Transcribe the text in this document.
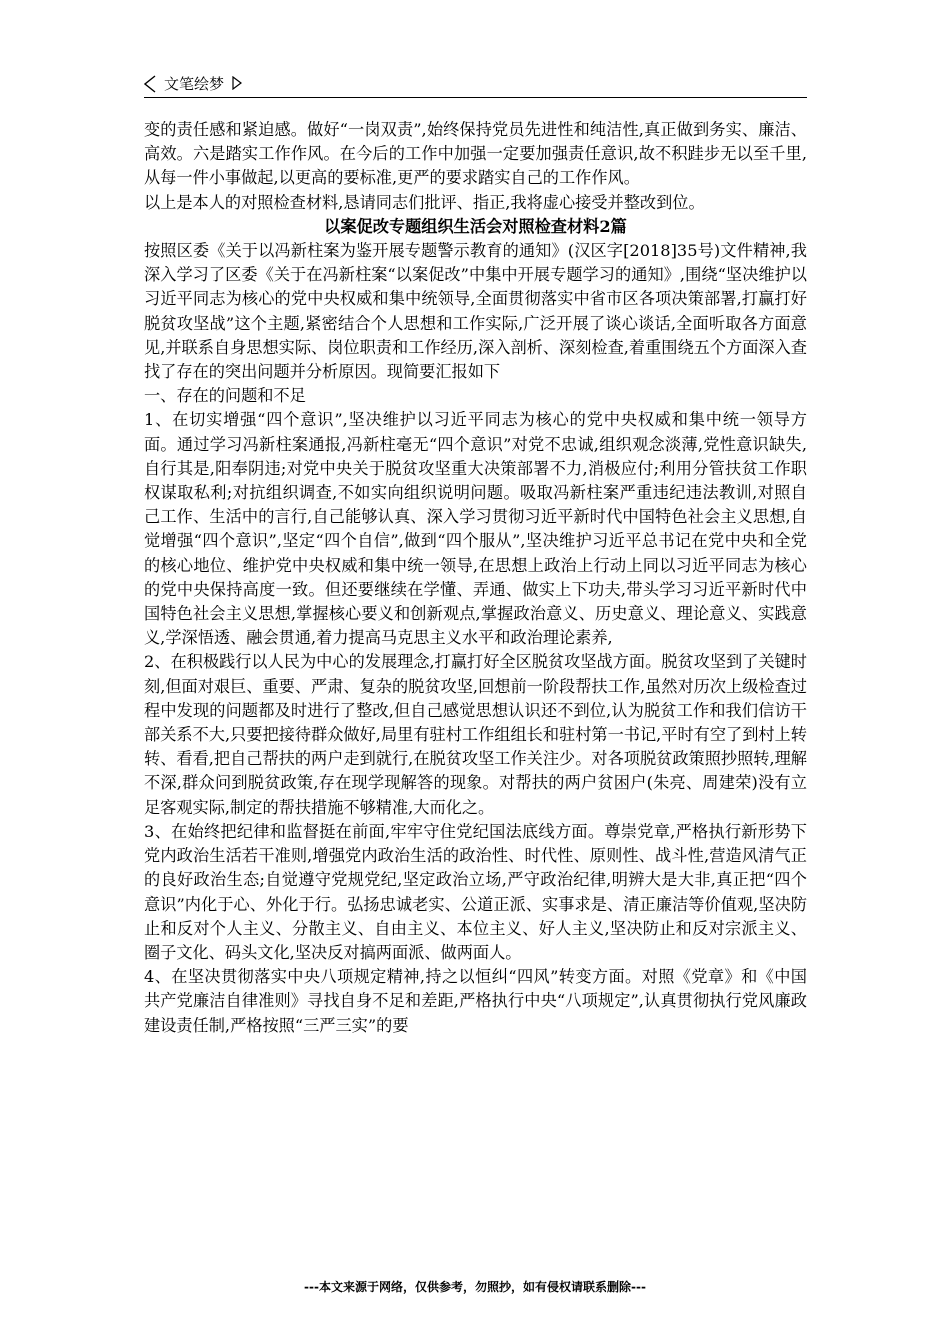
文笔绘梦

变的责任感和紧迫感。做好“一岗双责”,始终保持党员先进性和纯洁性,真正做到务实、廉洁、高效。六是踏实工作作风。在今后的工作中加强一定要加强责任意识,故不积跬步无以至千里,从每一件小事做起,以更高的要标准,更严的要求踏实自己的工作作风。

以上是本人的对照检查材料,恳请同志们批评、指正,我将虚心接受并整改到位。

以案促改专题组织生活会对照检查材料2篇

按照区委《关于以冯新柱案为鉴开展专题警示教育的通知》(汉区字[2018]35号)文件精神,我深入学习了区委《关于在冯新柱案“以案促改”中集中开展专题学习的通知》,围绕“坚决维护以习近平同志为核心的党中央权威和集中统领导,全面贯彻落实中省市区各项决策部署,打赢打好脱贫攻坚战”这个主题,紧密结合个人思想和工作实际,广泛开展了谈心谈话,全面听取各方面意见,并联系自身思想实际、岗位职责和工作经历,深入剖析、深刻检查,着重围绕五个方面深入查找了存在的突出问题并分析原因。现简要汇报如下

一、存在的问题和不足

1、在切实增强“四个意识”,坚决维护以习近平同志为核心的党中央权威和集中统一领导方面。通过学习冯新柱案通报,冯新柱毫无“四个意识”对党不忠诚,组织观念淡薄,党性意识缺失,自行其是,阳奉阴违;对党中央关于脱贫攻坚重大决策部署不力,消极应付;利用分管扶贫工作职权谋取私利;对抗组织调查,不如实向组织说明问题。吸取冯新柱案严重违纪违法教训,对照自己工作、生活中的言行,自己能够认真、深入学习贯彻习近平新时代中国特色社会主义思想,自觉增强“四个意识”,坚定“四个自信”,做到“四个服从”,坚决维护习近平总书记在党中央和全党的核心地位、维护党中央权威和集中统一领导,在思想上政治上行动上同以习近平同志为核心的党中央保持高度一致。但还要继续在学懂、弄通、做实上下功夫,带头学习习近平新时代中国特色社会主义思想,掌握核心要义和创新观点,掌握政治意义、历史意义、理论意义、实践意义,学深悟透、融会贯通,着力提高马克思主义水平和政治理论素养,

2、在积极践行以人民为中心的发展理念,打赢打好全区脱贫攻坚战方面。脱贫攻坚到了关键时刻,但面对艰巨、重要、严肃、复杂的脱贫攻坚,回想前一阶段帮扶工作,虽然对历次上级检查过程中发现的问题都及时进行了整改,但自己感觉思想认识还不到位,认为脱贫工作和我们信访干部关系不大,只要把接待群众做好,局里有驻村工作组组长和驻村第一书记,平时有空了到村上转转、看看,把自己帮扶的两户走到就行,在脱贫攻坚工作关注少。对各项脱贫政策照抄照转,理解不深,群众问到脱贫政策,存在现学现解答的现象。对帮扶的两户贫困户(朱亮、周建荣)没有立足客观实际,制定的帮扶措施不够精准,大而化之。

3、在始终把纪律和监督挺在前面,牢牢守住党纪国法底线方面。尊崇党章,严格执行新形势下党内政治生活若干准则,增强党内政治生活的政治性、时代性、原则性、战斗性,营造风清气正的良好政治生态;自觉遵守党规党纪,坚定政治立场,严守政治纪律,明辨大是大非,真正把“四个意识”内化于心、外化于行。弘扬忠诚老实、公道正派、实事求是、清正廉洁等价值观,坚决防止和反对个人主义、分散主义、自由主义、本位主义、好人主义,坚决防止和反对宗派主义、圈子文化、码头文化,坚决反对搞两面派、做两面人。

4、在坚决贯彻落实中央八项规定精神,持之以恒纠“四风”转变方面。对照《党章》和《中国共产党廉洁自律准则》寻找自身不足和差距,严格执行中央“八项规定”,认真贯彻执行党风廉政建设责任制,严格按照“三严三实”的要

---本文来源于网络，仅供参考，勿照抄，如有侵权请联系删除---
